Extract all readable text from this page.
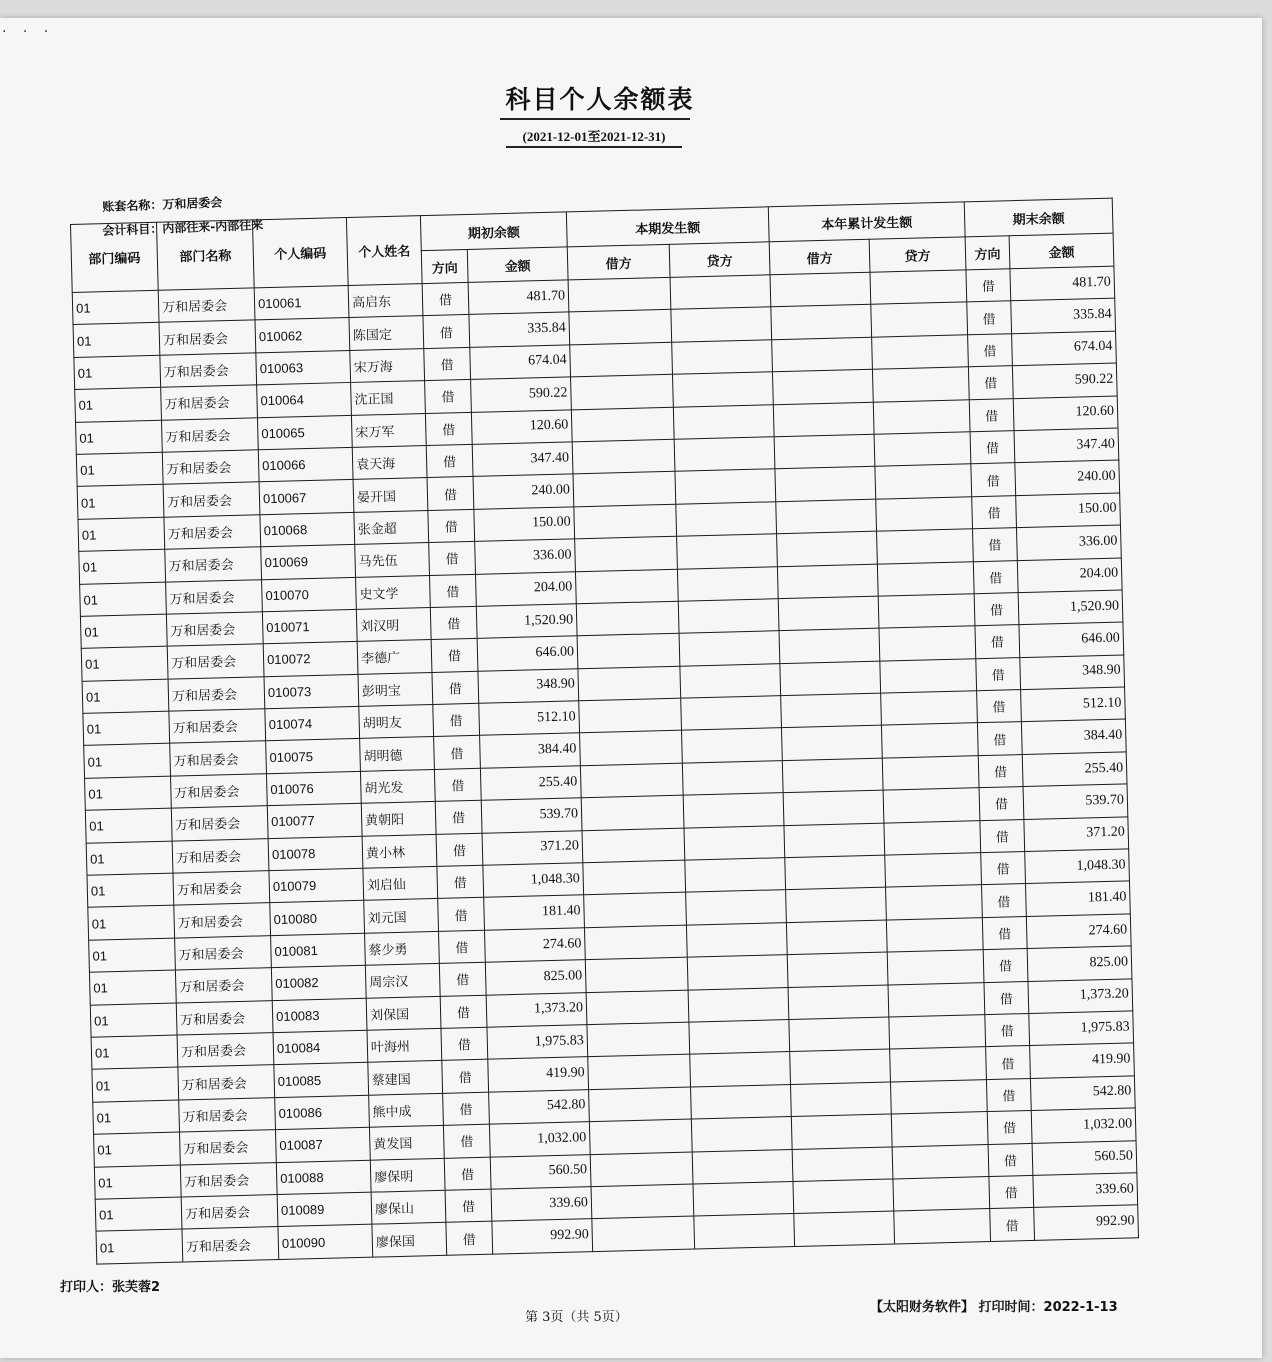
· · ·
科目个人余额表
(2021-12-01至2021-12-31)
账套名称：万和居委会
会计科目：内部往来-内部往来
部门编码	部门名称	个人编码	个人姓名	期初余额		本期发生额		本年累计发生额		期末余额	
				方向	金额	借方	贷方	借方	贷方	方向	金额
01	万和居委会	010061	高启东	借	481.70					借	481.70
01	万和居委会	010062	陈国定	借	335.84					借	335.84
01	万和居委会	010063	宋万海	借	674.04					借	674.04
01	万和居委会	010064	沈正国	借	590.22					借	590.22
01	万和居委会	010065	宋万军	借	120.60					借	120.60
01	万和居委会	010066	袁天海	借	347.40					借	347.40
01	万和居委会	010067	晏开国	借	240.00					借	240.00
01	万和居委会	010068	张金超	借	150.00					借	150.00
01	万和居委会	010069	马先伍	借	336.00					借	336.00
01	万和居委会	010070	史文学	借	204.00					借	204.00
01	万和居委会	010071	刘汉明	借	1,520.90					借	1,520.90
01	万和居委会	010072	李德广	借	646.00					借	646.00
01	万和居委会	010073	彭明宝	借	348.90					借	348.90
01	万和居委会	010074	胡明友	借	512.10					借	512.10
01	万和居委会	010075	胡明德	借	384.40					借	384.40
01	万和居委会	010076	胡光发	借	255.40					借	255.40
01	万和居委会	010077	黄朝阳	借	539.70					借	539.70
01	万和居委会	010078	黄小林	借	371.20					借	371.20
01	万和居委会	010079	刘启仙	借	1,048.30					借	1,048.30
01	万和居委会	010080	刘元国	借	181.40					借	181.40
01	万和居委会	010081	蔡少勇	借	274.60					借	274.60
01	万和居委会	010082	周宗汉	借	825.00					借	825.00
01	万和居委会	010083	刘保国	借	1,373.20					借	1,373.20
01	万和居委会	010084	叶海州	借	1,975.83					借	1,975.83
01	万和居委会	010085	蔡建国	借	419.90					借	419.90
01	万和居委会	010086	熊中成	借	542.80					借	542.80
01	万和居委会	010087	黄发国	借	1,032.00					借	1,032.00
01	万和居委会	010088	廖保明	借	560.50					借	560.50
01	万和居委会	010089	廖保山	借	339.60					借	339.60
01	万和居委会	010090	廖保国	借	992.90					借	992.90
打印人：张芙蓉2
第 3页（共 5页）
【太阳财务软件】 打印时间：2022-1-13
